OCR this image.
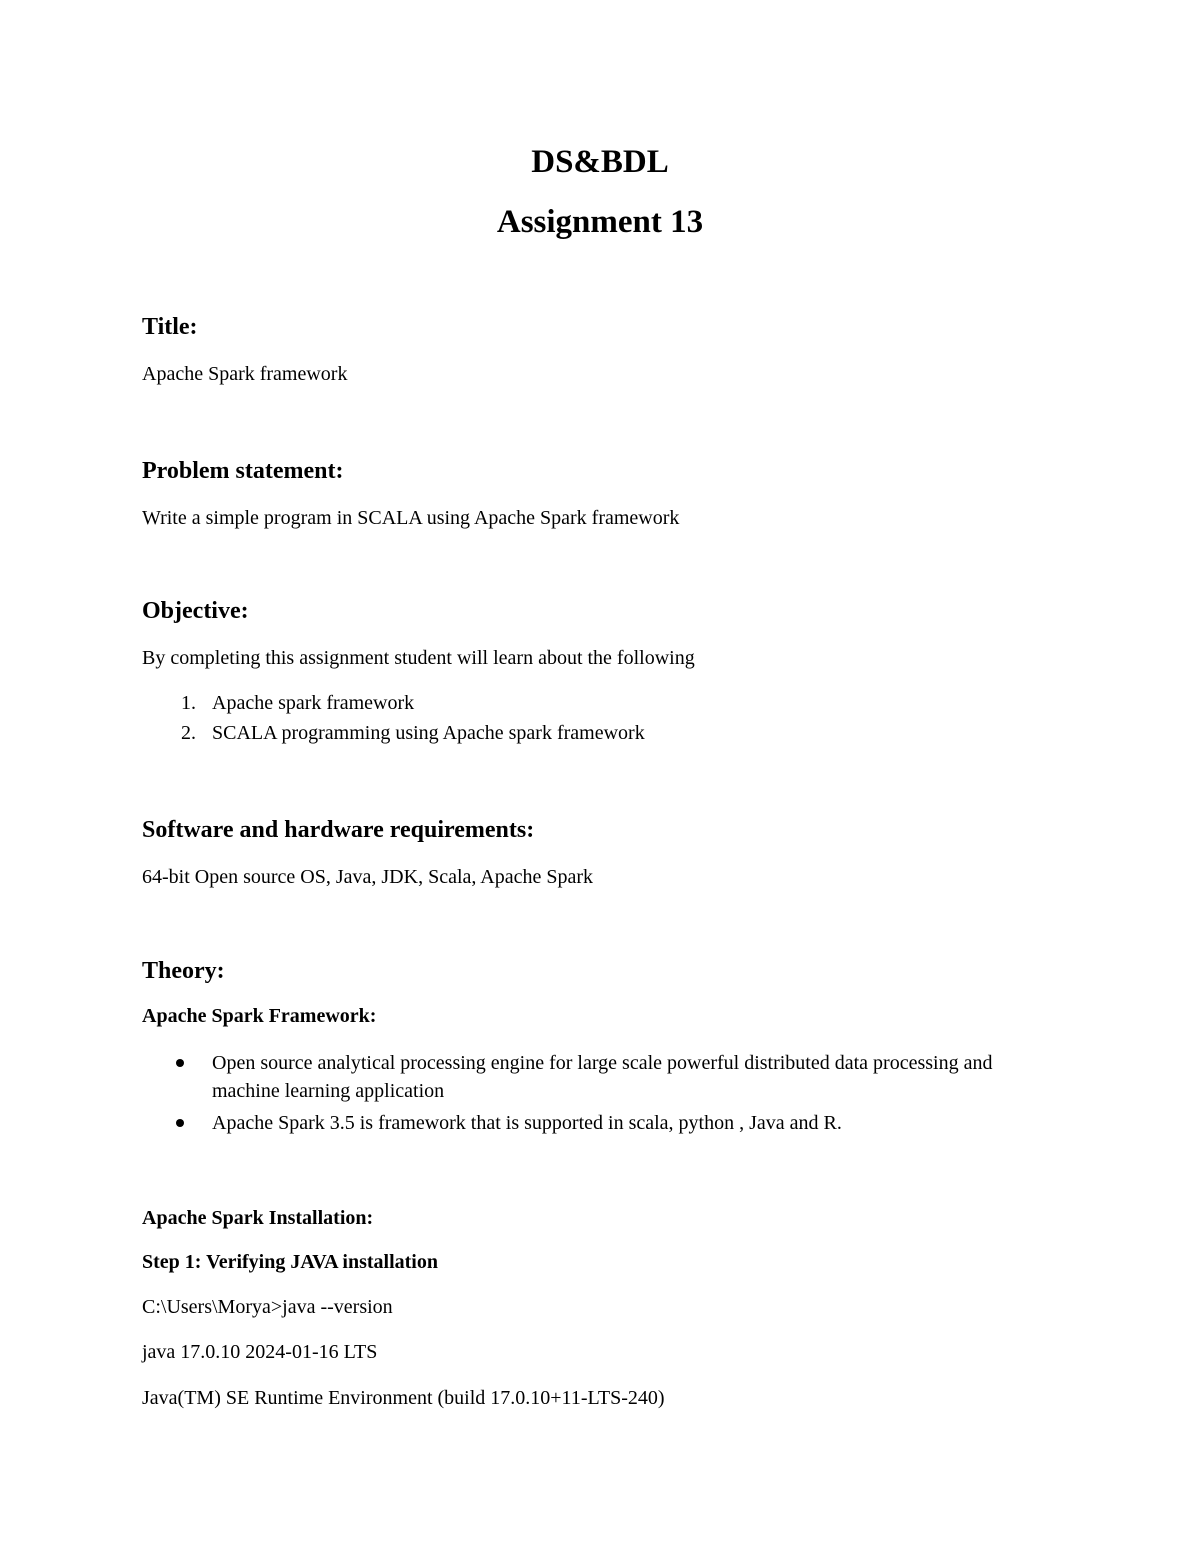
DS&BDL
Assignment 13
Title:

Apache Spark framework

Problem statement:

Write a simple program in SCALA using Apache Spark framework

Objective:

By completing this assignment student will learn about the following

1. Apache spark framework
2. SCALA programming using Apache spark framework
Software and hardware requirements:

64-bit Open source OS, Java, JDK, Scala, Apache Spark

Theory:
Apache Spark Framework:
Open source analytical processing engine for large scale powerful distributed data processing and machine learning application
Apache Spark 3.5 is framework that is supported in scala, python , Java and R.
Apache Spark Installation:
Step 1: Verifying JAVA installation

C:\Users\Morya>java --version

java 17.0.10 2024-01-16 LTS

Java(TM) SE Runtime Environment (build 17.0.10+11-LTS-240)
